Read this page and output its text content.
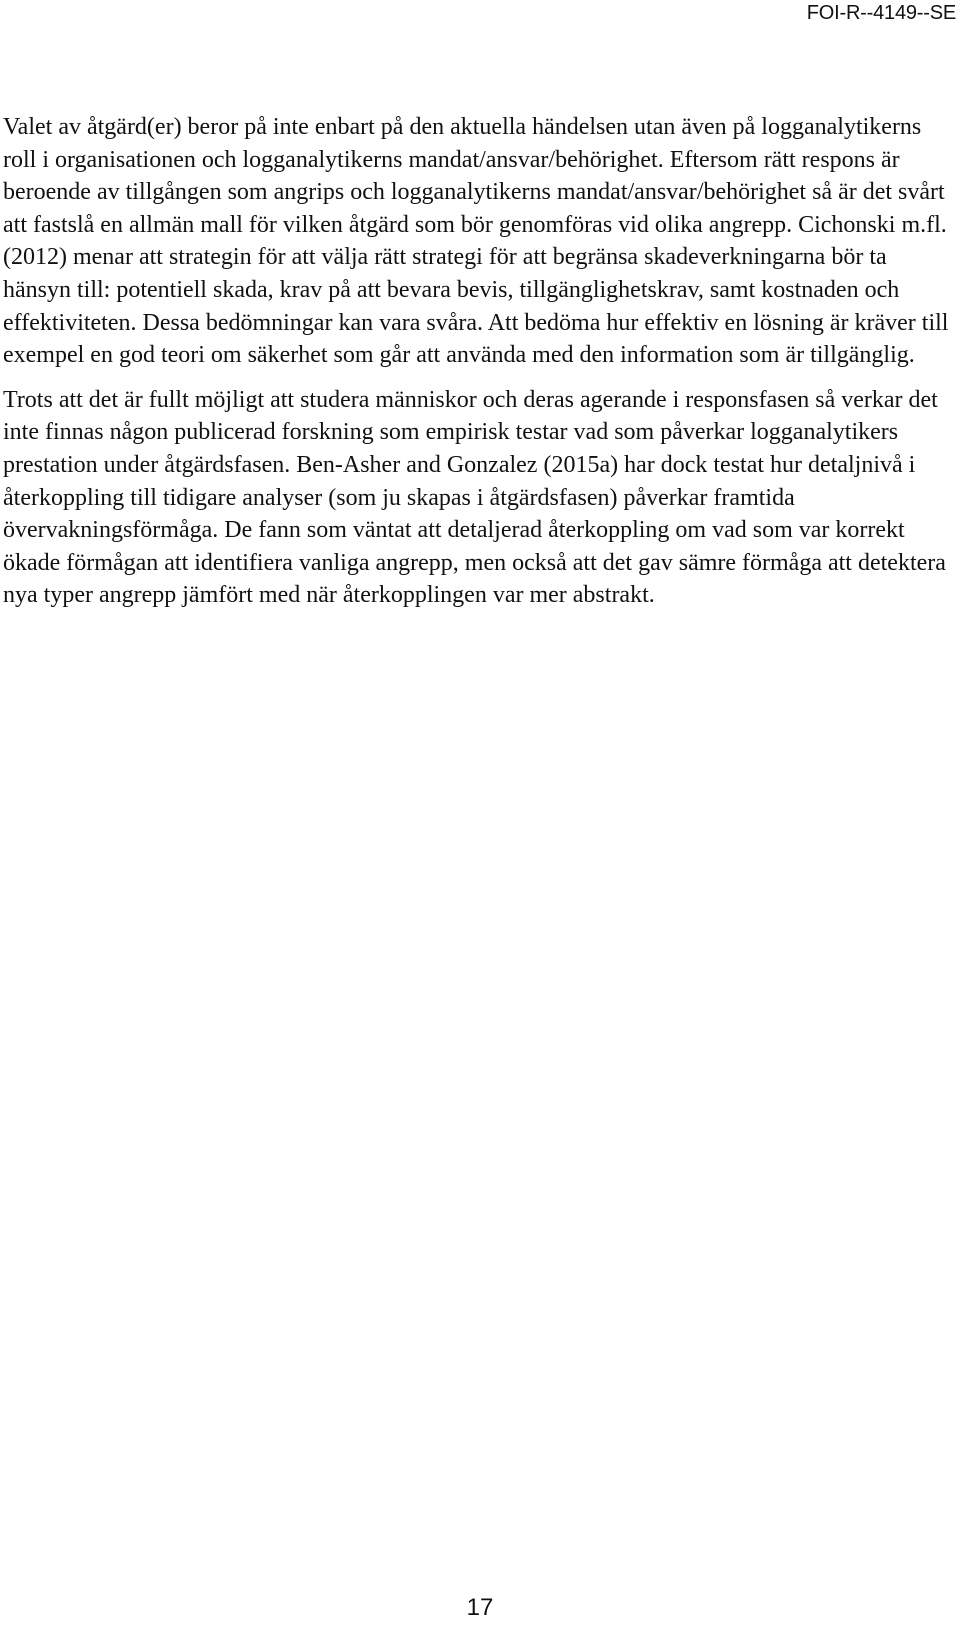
FOI-R--4149--SE

Valet av åtgärd(er) beror på inte enbart på den aktuella händelsen utan även på logganalytikerns roll i organisationen och logganalytikerns mandat/ansvar/behörighet. Eftersom rätt respons är beroende av tillgången som angrips och logganalytikerns mandat/ansvar/behörighet så är det svårt att fastslå en allmän mall för vilken åtgärd som bör genomföras vid olika angrepp. Cichonski m.fl. (2012) menar att strategin för att välja rätt strategi för att begränsa skadeverkningarna bör ta hänsyn till: potentiell skada, krav på att bevara bevis, tillgänglighetskrav, samt kostnaden och effektiviteten. Dessa bedömningar kan vara svåra. Att bedöma hur effektiv en lösning är kräver till exempel en god teori om säkerhet som går att använda med den information som är tillgänglig.

Trots att det är fullt möjligt att studera människor och deras agerande i responsfasen så verkar det inte finnas någon publicerad forskning som empirisk testar vad som påverkar logganalytikers prestation under åtgärdsfasen. Ben-Asher and Gonzalez (2015a) har dock testat hur detaljnivå i återkoppling till tidigare analyser (som ju skapas i åtgärdsfasen) påverkar framtida övervakningsförmåga. De fann som väntat att detaljerad återkoppling om vad som var korrekt ökade förmågan att identifiera vanliga angrepp, men också att det gav sämre förmåga att detektera nya typer angrepp jämfört med när återkopplingen var mer abstrakt.

17
